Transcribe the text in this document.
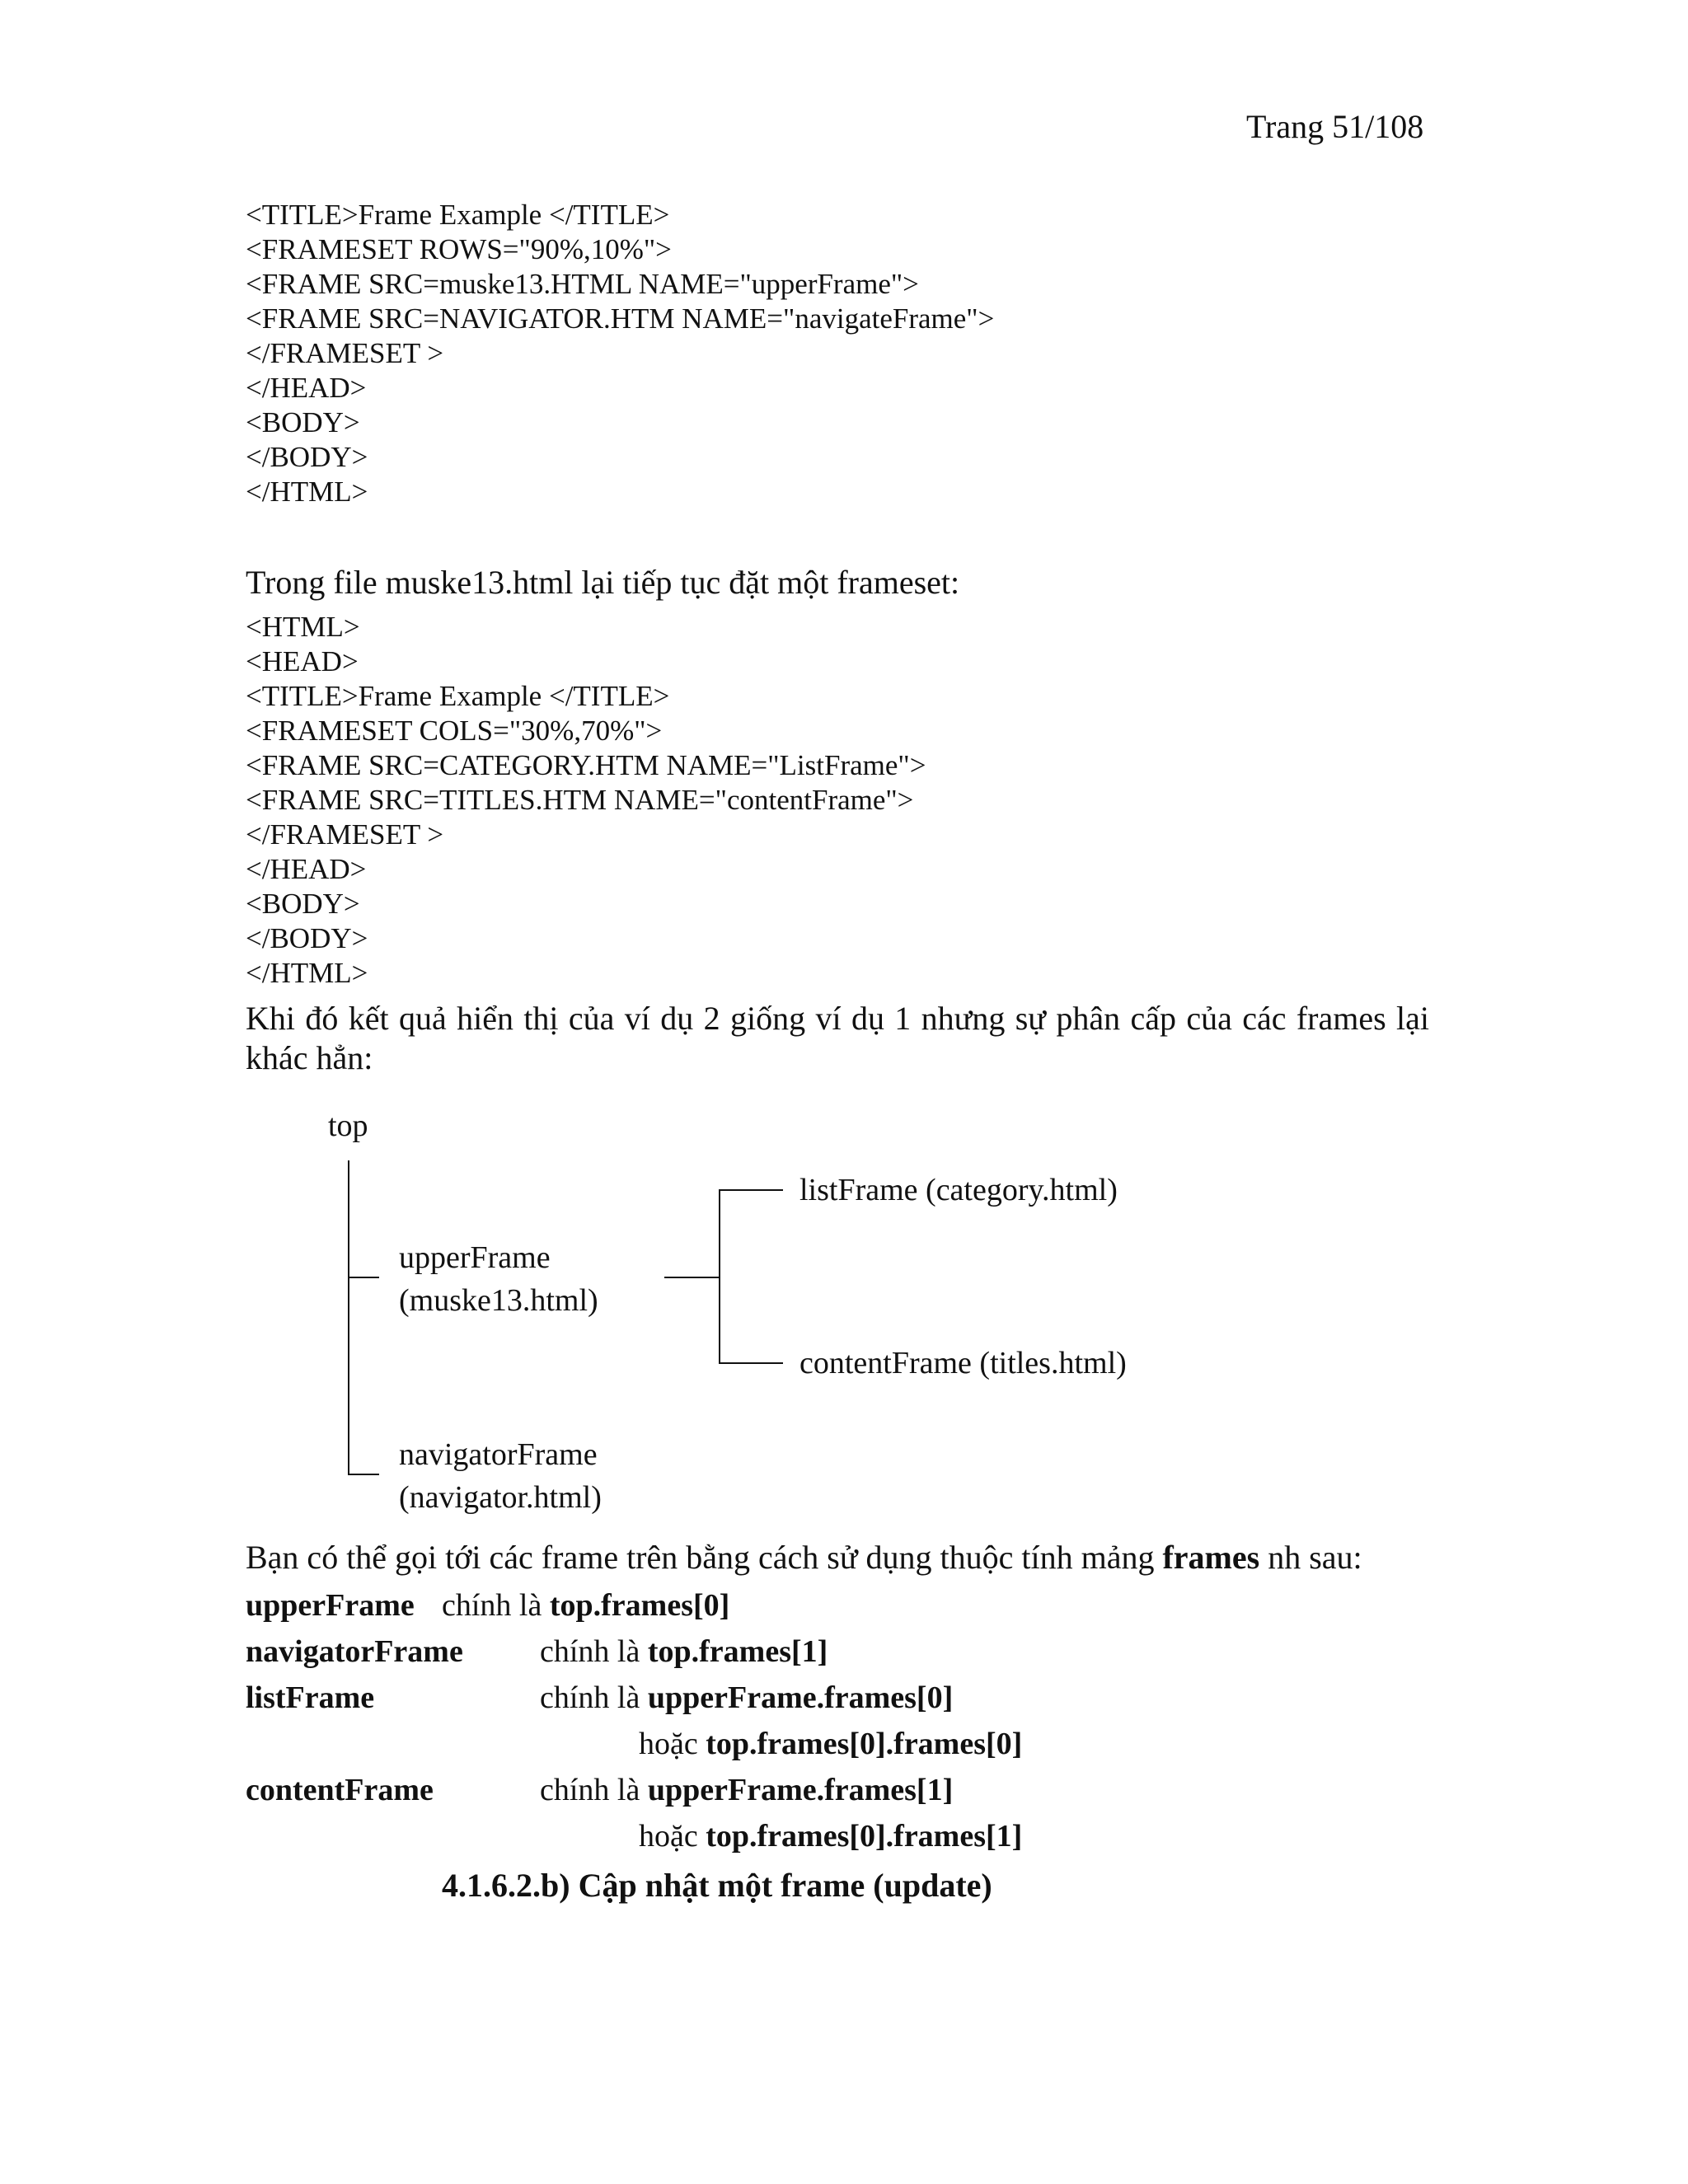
Trang 51/108
<TITLE>Frame Example </TITLE>
<FRAMESET ROWS="90%,10%">
<FRAME SRC=muske13.HTML NAME="upperFrame">
<FRAME SRC=NAVIGATOR.HTM NAME="navigateFrame">
</FRAMESET >
</HEAD>
<BODY>
</BODY>
</HTML>
Trong file muske13.html lại tiếp tục đặt một frameset:
<HTML>
<HEAD>
<TITLE>Frame Example </TITLE>
<FRAMESET COLS="30%,70%">
<FRAME SRC=CATEGORY.HTM NAME="ListFrame">
<FRAME SRC=TITLES.HTM NAME="contentFrame">
</FRAMESET >
</HEAD>
<BODY>
</BODY>
</HTML>
Khi đó kết quả hiển thị của ví dụ 2 giống ví dụ 1 nhưng sự phân cấp của các frames lại
khác hẳn:
top
upperFrame
(muske13.html)
navigatorFrame
(navigator.html)
listFrame (category.html)
contentFrame (titles.html)
Bạn có thể gọi tới các frame trên bằng cách sử dụng thuộc tính mảng frames nh sau:
upperFrame chính là top.frames[0]
navigatorFrame chính là top.frames[1]
listFrame	chính là upperFrame.frames[0]
hoặc top.frames[0].frames[0]
contentFrame	chính là upperFrame.frames[1]
hoặc top.frames[0].frames[1]
4.1.6.2.b) Cập nhật một frame (update)
